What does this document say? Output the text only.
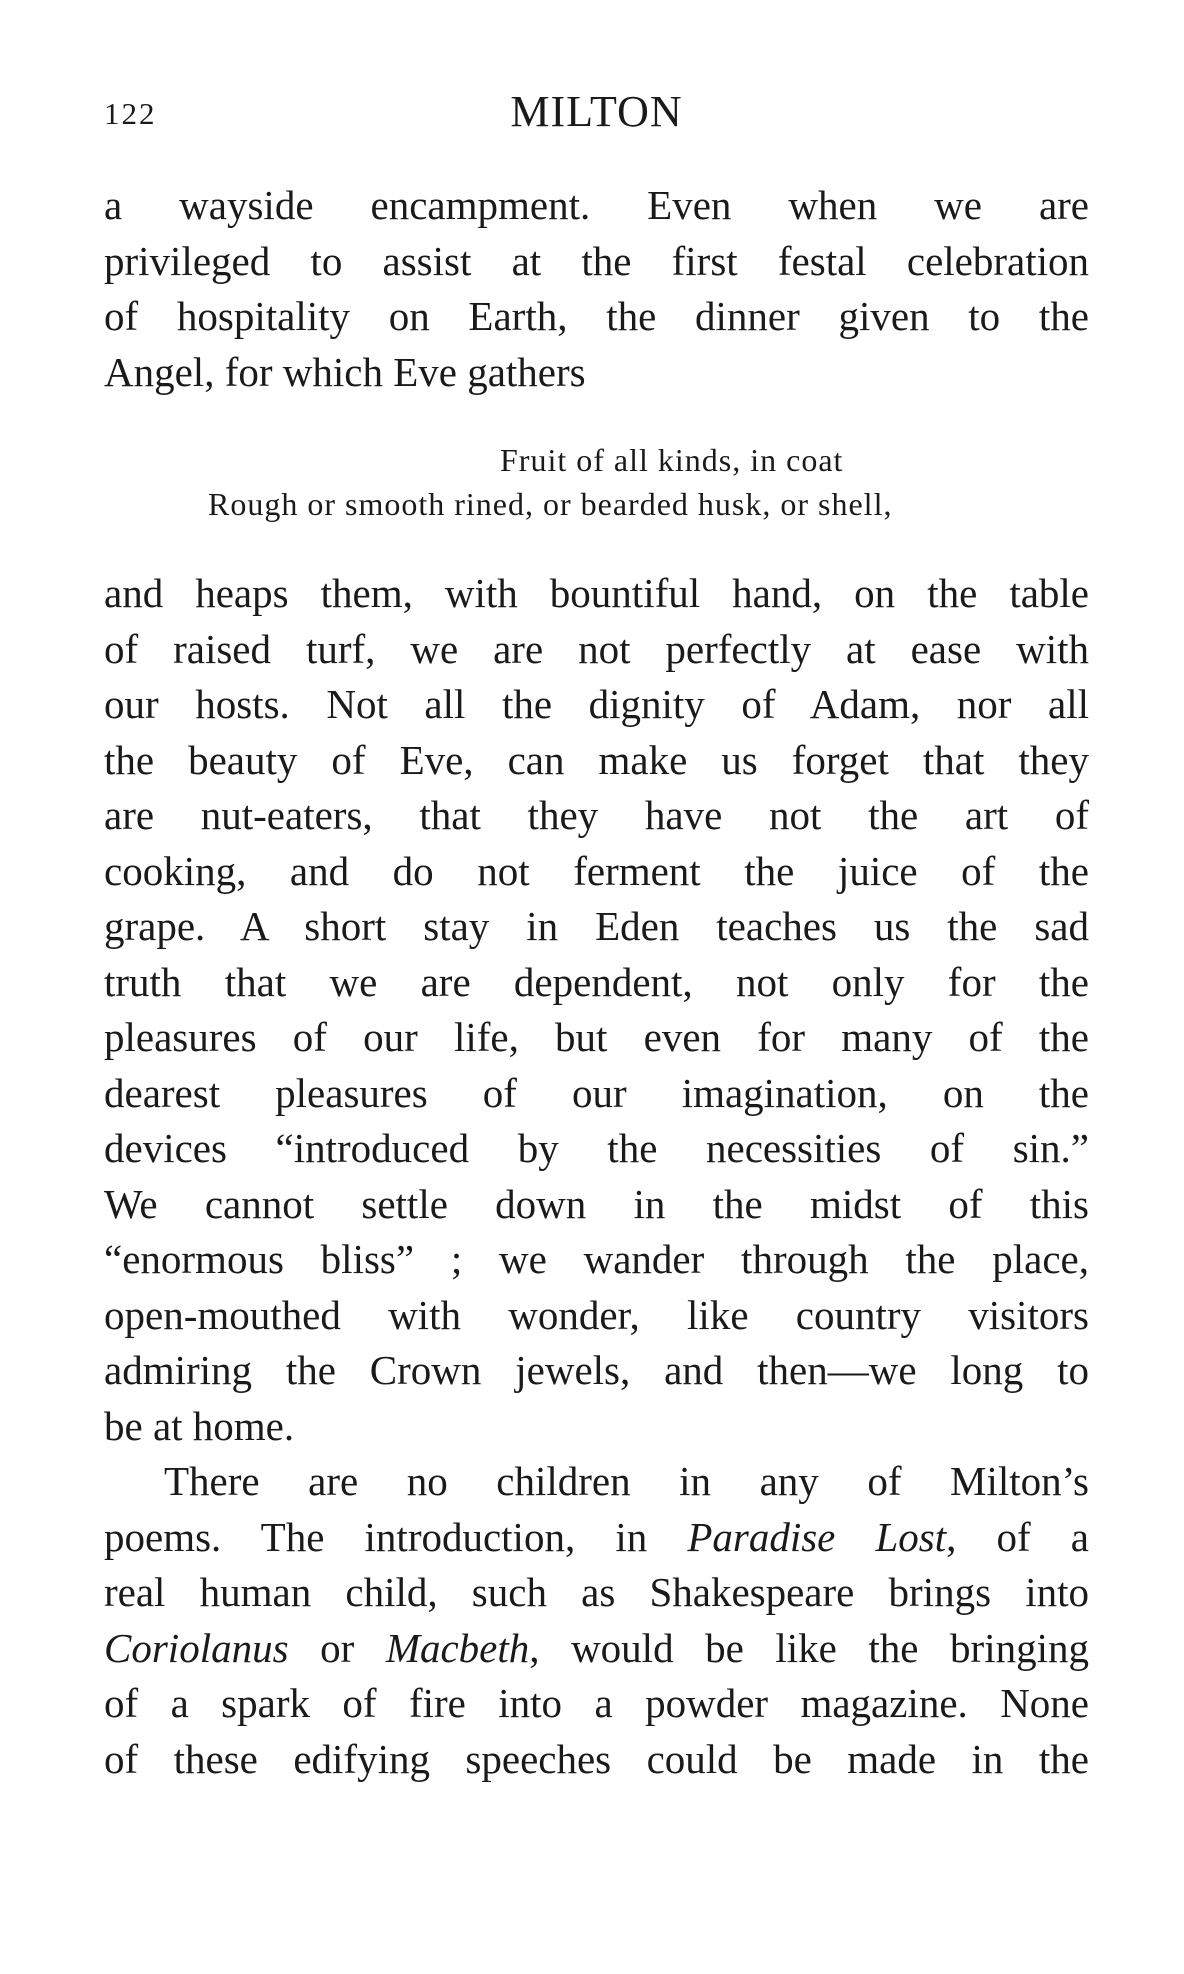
122	MILTON

a wayside encampment. Even when we are
privileged to assist at the first festal celebration
of hospitality on Earth, the dinner given to the
Angel, for which Eve gathers

Fruit of all kinds, in coat
Rough or smooth rined, or bearded husk, or shell,

and heaps them, with bountiful hand, on the table
of raised turf, we are not perfectly at ease with
our hosts. Not all the dignity of Adam, nor all
the beauty of Eve, can make us forget that they
are nut-eaters, that they have not the art of
cooking, and do not ferment the juice of the
grape. A short stay in Eden teaches us the sad
truth that we are dependent, not only for the
pleasures of our life, but even for many of the
dearest pleasures of our imagination, on the
devices “introduced by the necessities of sin.”
We cannot settle down in the midst of this
“enormous bliss” ; we wander through the place,
open-mouthed with wonder, like country visitors
admiring the Crown jewels, and then—we long to
be at home.

There are no children in any of Milton’s
poems. The introduction, in Paradise Lost, of a
real human child, such as Shakespeare brings into
Coriolanus or Macbeth, would be like the bringing
of a spark of fire into a powder magazine. None
of these edifying speeches could be made in the
